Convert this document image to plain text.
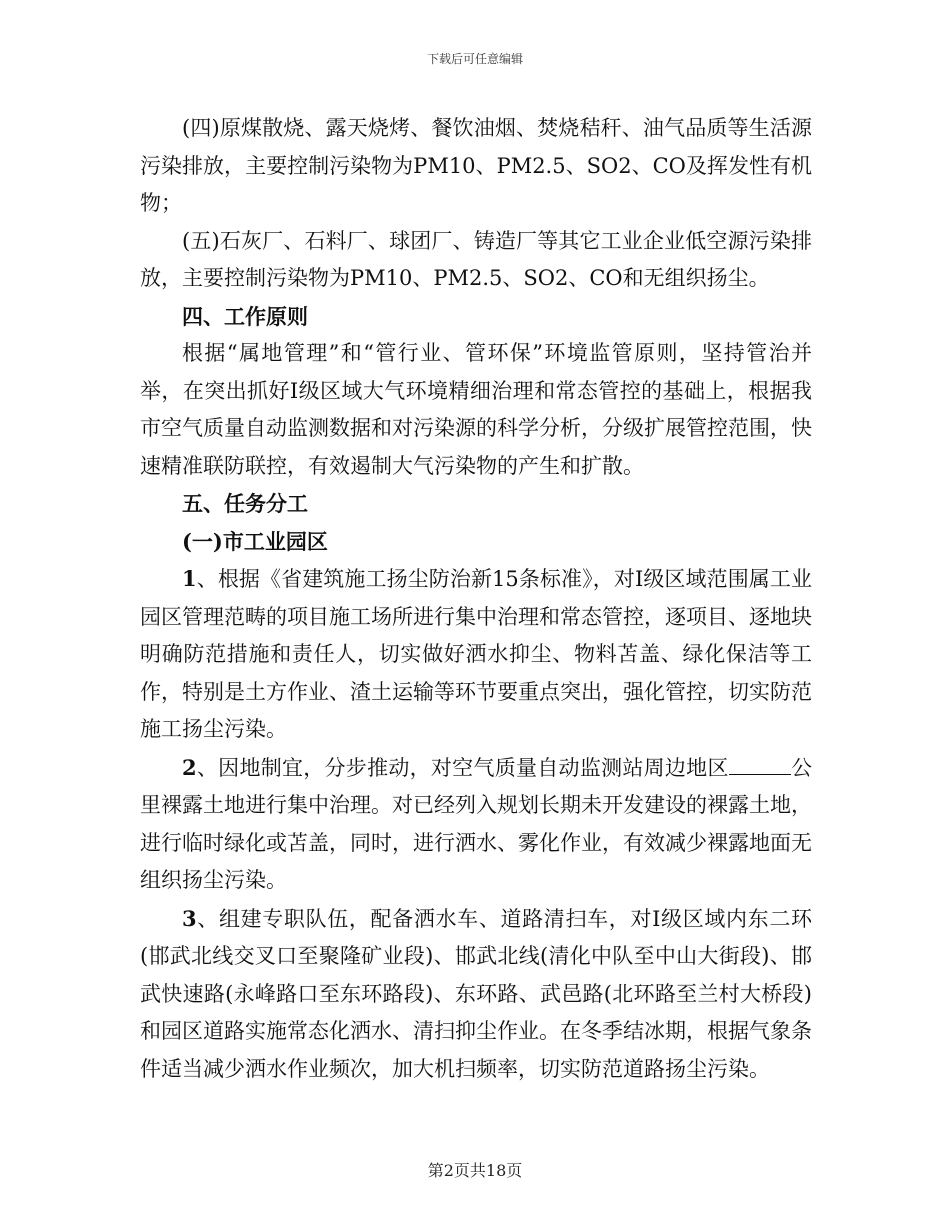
下载后可任意编辑

(四)原煤散烧、露天烧烤、餐饮油烟、焚烧秸秆、油气品质等生活源污染排放，主要控制污染物为PM10、PM2.5、SO2、CO及挥发性有机物；

(五)石灰厂、石料厂、球团厂、铸造厂等其它工业企业低空源污染排放，主要控制污染物为PM10、PM2.5、SO2、CO和无组织扬尘。

四、工作原则

根据“属地管理”和“管行业、管环保”环境监管原则，坚持管治并举，在突出抓好Ⅰ级区域大气环境精细治理和常态管控的基础上，根据我市空气质量自动监测数据和对污染源的科学分析，分级扩展管控范围，快速精准联防联控，有效遏制大气污染物的产生和扩散。

五、任务分工

(一)市工业园区

1、根据《省建筑施工扬尘防治新15条标准》，对Ⅰ级区域范围属工业园区管理范畴的项目施工场所进行集中治理和常态管控，逐项目、逐地块明确防范措施和责任人，切实做好洒水抑尘、物料苫盖、绿化保洁等工作，特别是土方作业、渣土运输等环节要重点突出，强化管控，切实防范施工扬尘污染。

2、因地制宜，分步推动，对空气质量自动监测站周边地区	公里裸露土地进行集中治理。对已经列入规划长期未开发建设的裸露土地，进行临时绿化或苫盖，同时，进行洒水、雾化作业，有效减少裸露地面无组织扬尘污染。

3、组建专职队伍，配备洒水车、道路清扫车，对Ⅰ级区域内东二环(邯武北线交叉口至聚隆矿业段)、邯武北线(清化中队至中山大街段)、邯武快速路(永峰路口至东环路段)、东环路、武邑路(北环路至兰村大桥段)和园区道路实施常态化洒水、清扫抑尘作业。在冬季结冰期，根据气象条件适当减少洒水作业频次，加大机扫频率，切实防范道路扬尘污染。

第2页共18页
